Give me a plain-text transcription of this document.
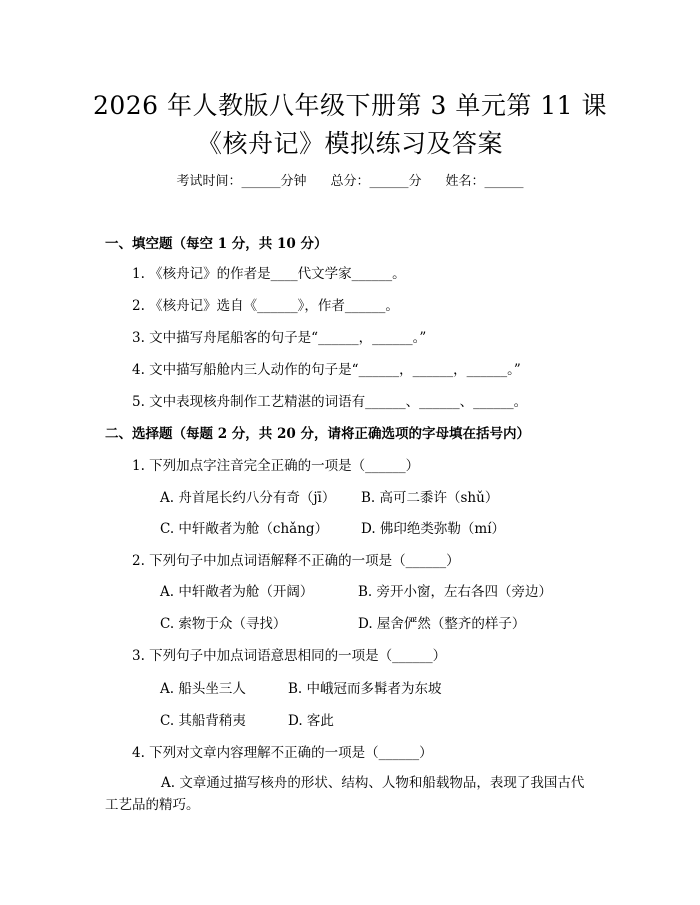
2026 年人教版八年级下册第 3 单元第 11 课
《核舟记》模拟练习及答案
考试时间：______分钟 总分：______分 姓名：______
一、填空题（每空 1 分，共 10 分）
1. 《核舟记》的作者是____代文学家______。
2. 《核舟记》选自《______》，作者______。
3. 文中描写舟尾船客的句子是“______，______。”
4. 文中描写船舱内三人动作的句子是“______，______，______。”
5. 文中表现核舟制作工艺精湛的词语有______、______、______。
二、选择题（每题 2 分，共 20 分，请将正确选项的字母填在括号内）
1. 下列加点字注音完全正确的一项是（______）
A. 舟首尾长约八分有奇（jī） B. 高可二黍许（shǔ）
C. 中轩敞者为舱（chǎng） D. 佛印绝类弥勒（mí）
2. 下列句子中加点词语解释不正确的一项是（______）
A. 中轩敞者为舱（开阔）	B. 旁开小窗，左右各四（旁边）
C. 索物于众（寻找）	D. 屋舍俨然（整齐的样子）
3. 下列句子中加点词语意思相同的一项是（______）
A. 船头坐三人	B. 中峨冠而多髯者为东坡
C. 其船背稍夷	D. 客此
4. 下列对文章内容理解不正确的一项是（______）
A. 文章通过描写核舟的形状、结构、人物和船载物品，表现了我国古代工艺品的精巧。
